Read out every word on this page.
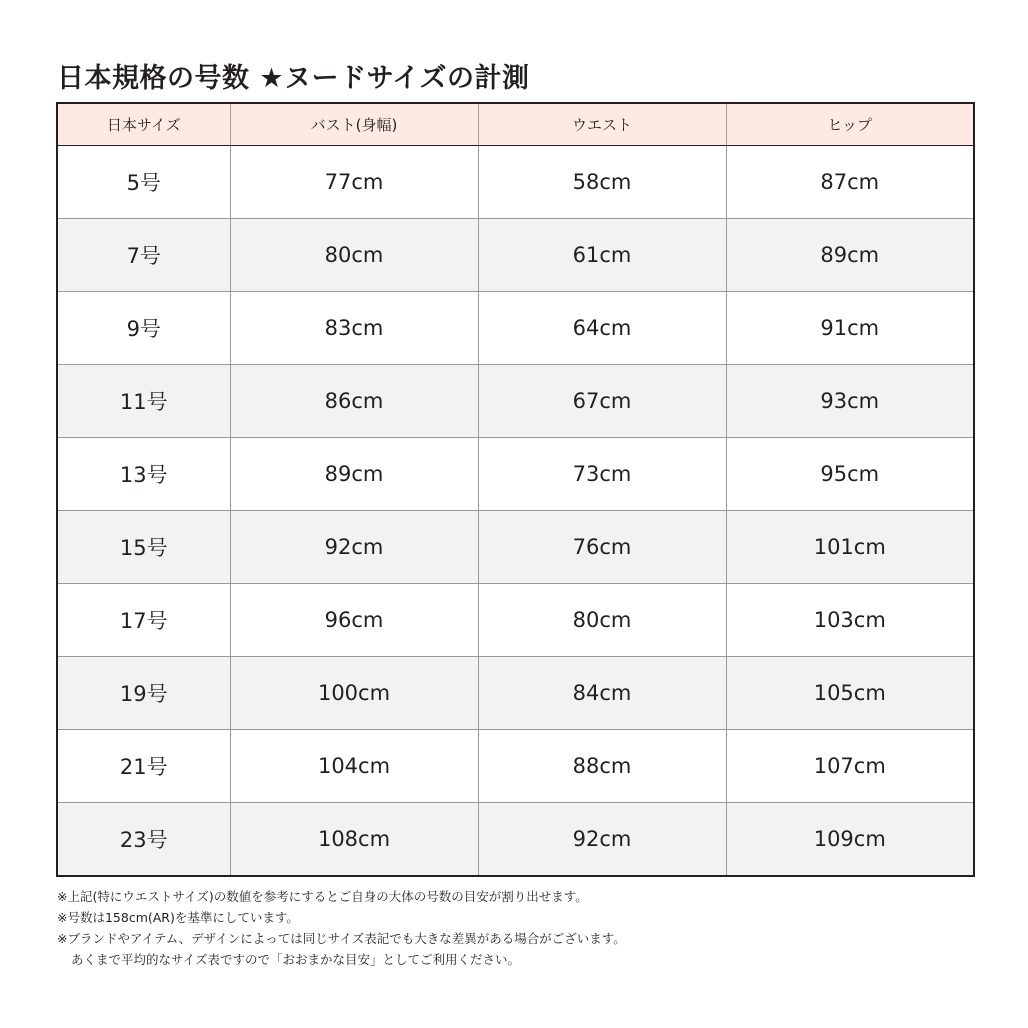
日本規格の号数 ★ヌードサイズの計測
日本サイズ	バスト(身幅)	ウエスト	ヒップ
5号	77cm	58cm	87cm
7号	80cm	61cm	89cm
9号	83cm	64cm	91cm
11号	86cm	67cm	93cm
13号	89cm	73cm	95cm
15号	92cm	76cm	101cm
17号	96cm	80cm	103cm
19号	100cm	84cm	105cm
21号	104cm	88cm	107cm
23号	108cm	92cm	109cm
※上記(特にウエストサイズ)の数値を参考にするとご自身の大体の号数の目安が割り出せます。
※号数は158cm(AR)を基準にしています。
※ブランドやアイテム、デザインによっては同じサイズ表記でも大きな差異がある場合がございます。
あくまで平均的なサイズ表ですので「おおまかな目安」としてご利用ください。
